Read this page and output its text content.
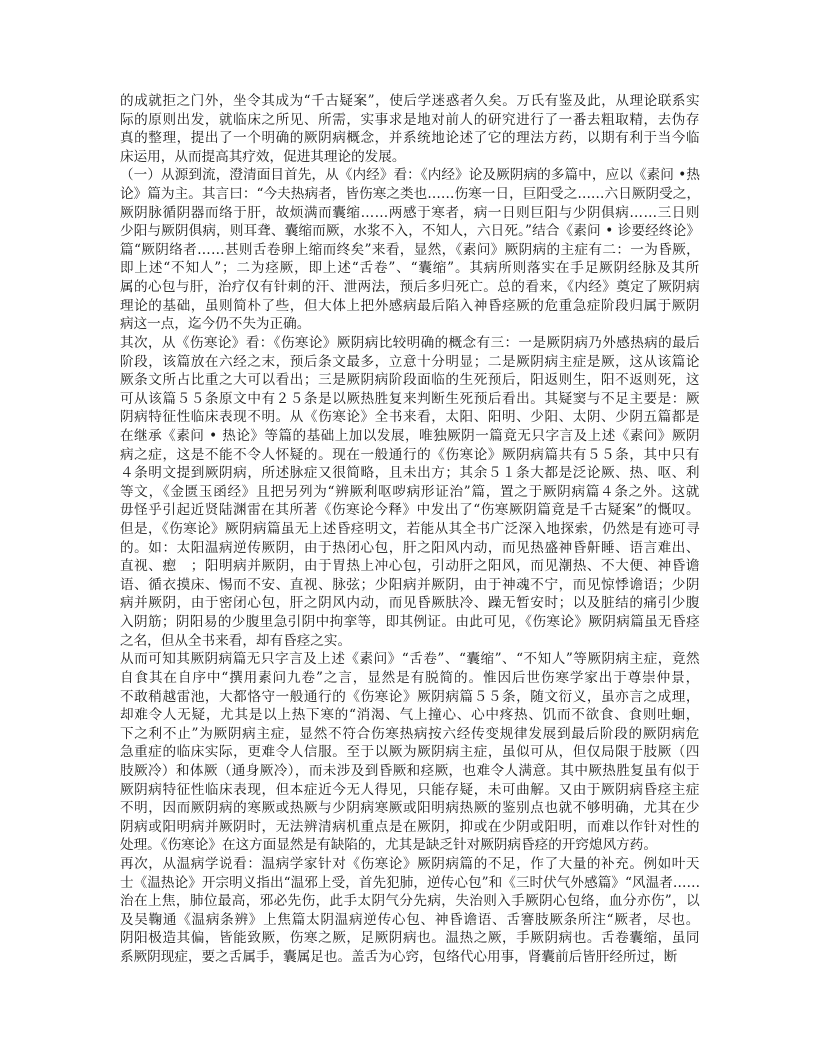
的成就拒之门外，坐令其成为“千古疑案”，使后学迷惑者久矣。万氏有鉴及此，从理论联系实
际的原则出发，就临床之所见、所需，实事求是地对前人的研究进行了一番去粗取精，去伪存
真的整理，提出了一个明确的厥阴病概念，并系统地论述了它的理法方药，以期有利于当今临
床运用，从而提高其疗效，促进其理论的发展。
（一）从源到流，澄清面目首先，从《内经》看：《内经》论及厥阴病的多篇中，应以《素问 •热
论》篇为主。其言曰：“今夫热病者，皆伤寒之类也……伤寒一日，巨阳受之……六日厥阴受之，
厥阴脉循阴器而络于肝，故烦满而囊缩……两感于寒者，病一日则巨阳与少阴俱病……三日则
少阳与厥阴俱病，则耳聋、囊缩而厥，水浆不入，不知人，六日死。”结合《素问 • 诊要经终论》
篇“厥阴络者……甚则舌卷卵上缩而终矣”来看，显然，《素问》厥阴病的主症有二：一为昏厥，
即上述“不知人”；二为痉厥，即上述“舌卷”、“囊缩”。其病所则落实在手足厥阴经脉及其所
属的心包与肝，治疗仅有针刺的汗、泄两法，预后多归死亡。总的看来，《内经》奠定了厥阴病
理论的基础，虽则简朴了些，但大体上把外感病最后陷入神昏痉厥的危重急症阶段归属于厥阴
病这一点，迄今仍不失为正确。
其次，从《伤寒论》看：《伤寒论》厥阴病比较明确的概念有三：一是厥阴病乃外感热病的最后
阶段，该篇放在六经之末，预后条文最多，立意十分明显；二是厥阴病主症是厥，这从该篇论
厥条文所占比重之大可以看出；三是厥阴病阶段面临的生死预后，阳返则生，阳不返则死，这
可从该篇５５条原文中有２５条是以厥热胜复来判断生死预后看出。其疑窦与不足主要是：厥
阴病特征性临床表现不明。从《伤寒论》全书来看，太阳、阳明、少阳、太阴、少阴五篇都是
在继承《素问 • 热论》等篇的基础上加以发展，唯独厥阴一篇竟无只字言及上述《素问》厥阴
病之症，这是不能不令人怀疑的。现在一般通行的《伤寒论》厥阴病篇共有５５条，其中只有
４条明文提到厥阴病，所述脉症又很简略，且未出方；其余５１条大都是泛论厥、热、呕、利
等文，《金匮玉函经》且把另列为“辨厥利呕哕病形证治”篇，置之于厥阴病篇４条之外。这就
毋怪乎引起近贤陆渊雷在其所著《伤寒论今释》中发出了“伤寒厥阴篇竟是千古疑案”的慨叹。
但是，《伤寒论》厥阴病篇虽无上述昏痉明文，若能从其全书广泛深入地探索，仍然是有迹可寻
的。如：太阳温病逆传厥阴，由于热闭心包，肝之阳风内动，而见热盛神昏鼾睡、语言难出、
直视、瘛　；阳明病并厥阴，由于胃热上冲心包，引动肝之阳风，而见潮热、不大便、神昏谵
语、循衣摸床、惕而不安、直视、脉弦；少阳病并厥阴，由于神魂不宁，而见惊悸谵语；少阴
病并厥阴，由于密闭心包，肝之阴风内动，而见昏厥肤冷、躁无暂安时；以及脏结的痛引少腹
入阴筋；阴阳易的少腹里急引阴中拘挛等，即其例证。由此可见，《伤寒论》厥阴病篇虽无昏痉
之名，但从全书来看，却有昏痉之实。
从而可知其厥阴病篇无只字言及上述《素问》“舌卷”、“囊缩”、“不知人”等厥阴病主症，竟然
自食其在自序中“撰用素问九卷”之言，显然是有脱简的。惟因后世伤寒学家出于尊崇仲景，
不敢稍越雷池，大都恪守一般通行的《伤寒论》厥阴病篇５５条，随文衍义，虽亦言之成理，
却难令人无疑，尤其是以上热下寒的“消渴、气上撞心、心中疼热、饥而不欲食、食则吐蛔，
下之利不止”为厥阴病主症，显然不符合伤寒热病按六经传变规律发展到最后阶段的厥阴病危
急重症的临床实际，更难令人信服。至于以厥为厥阴病主症，虽似可从，但仅局限于肢厥（四
肢厥冷）和体厥（通身厥冷），而未涉及到昏厥和痉厥，也难令人满意。其中厥热胜复虽有似于
厥阴病特征性临床表现，但本症近今无人得见，只能存疑，未可曲解。又由于厥阴病昏痉主症
不明，因而厥阴病的寒厥或热厥与少阴病寒厥或阳明病热厥的鉴别点也就不够明确，尤其在少
阴病或阳明病并厥阴时，无法辨清病机重点是在厥阴，抑或在少阴或阳明，而难以作针对性的
处理。《伤寒论》在这方面显然是有缺陷的，尤其是缺乏针对厥阴病昏痉的开窍熄风方药。
再次，从温病学说看：温病学家针对《伤寒论》厥阴病篇的不足，作了大量的补充。例如叶天
士《温热论》开宗明义指出“温邪上受，首先犯肺，逆传心包”和《三时伏气外感篇》“风温者……
治在上焦，肺位最高，邪必先伤，此手太阴气分先病，失治则入手厥阴心包络，血分亦伤”，以
及吴鞠通《温病条辨》上焦篇太阴温病逆传心包、神昏谵语、舌謇肢厥条所注“厥者，尽也。
阴阳极造其偏，皆能致厥，伤寒之厥，足厥阴病也。温热之厥，手厥阴病也。舌卷囊缩，虽同
系厥阴现症，要之舌属手，囊属足也。盖舌为心窍，包络代心用事，肾囊前后皆肝经所过，断
